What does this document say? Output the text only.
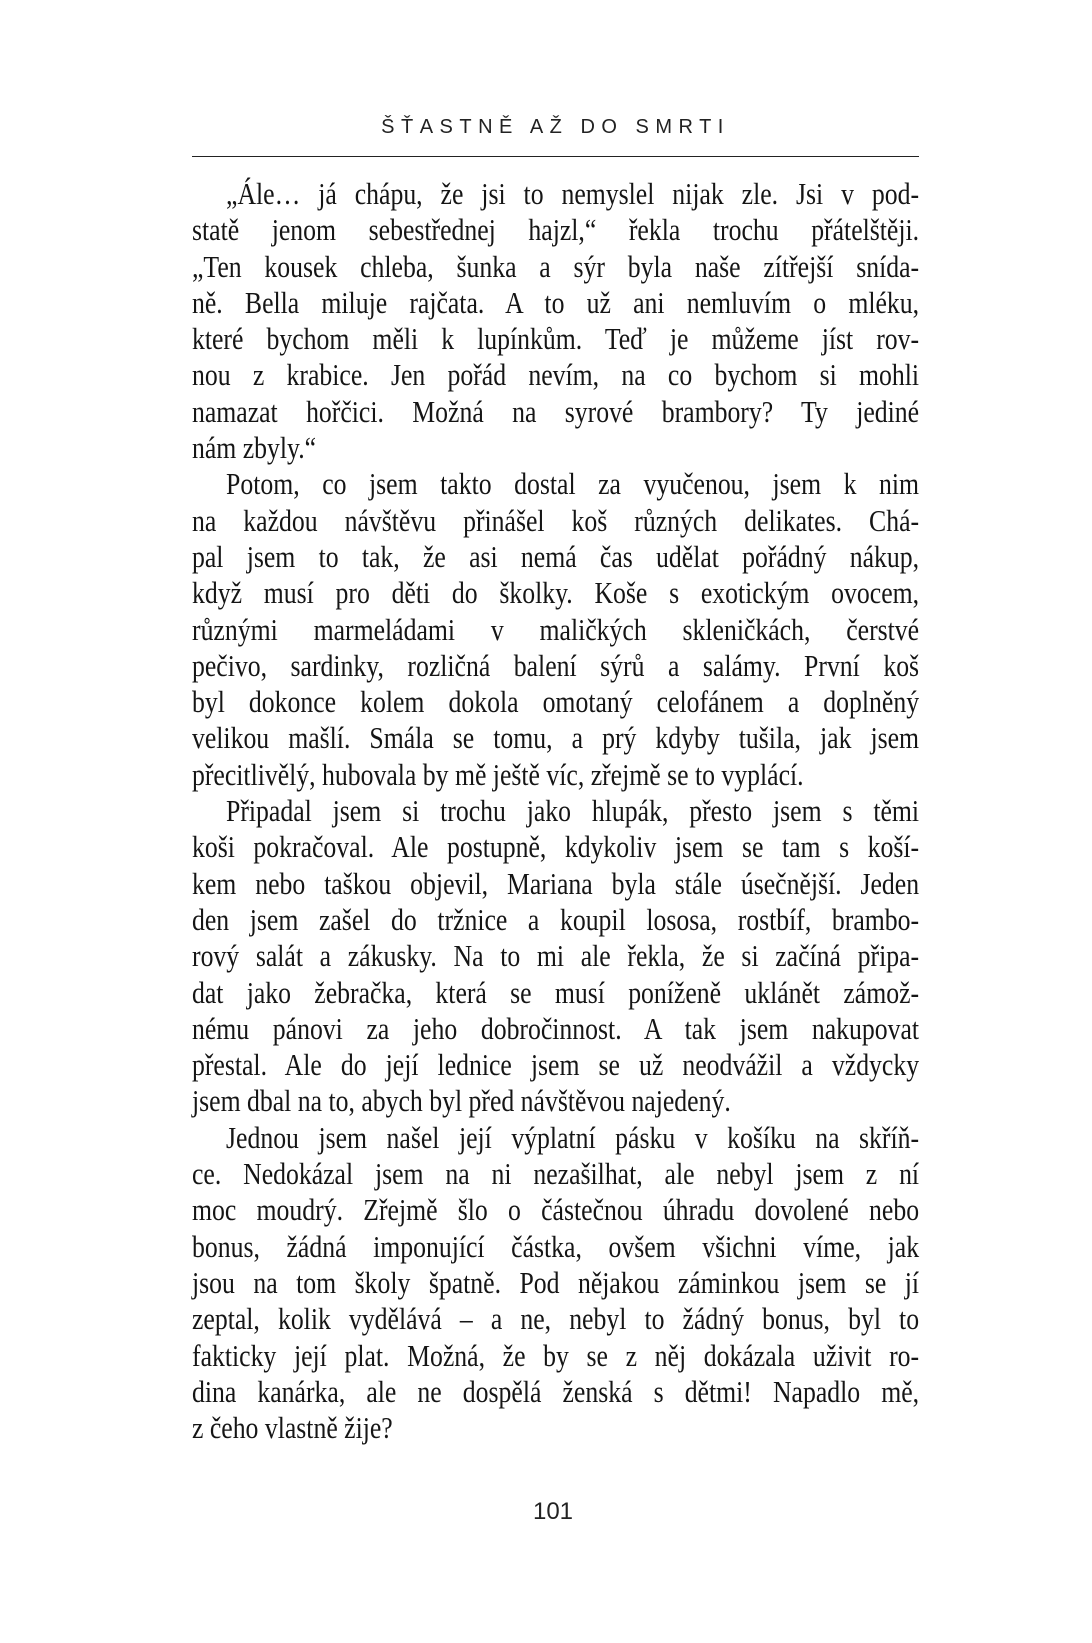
ŠŤASTNĚ AŽ DO SMRTI
„Ále… já chápu, že jsi to nemyslel nijak zle. Jsi v pod-
statě jenom sebestřednej hajzl,“ řekla trochu přátelštěji.
„Ten kousek chleba, šunka a sýr byla naše zítřejší snída-
ně. Bella miluje rajčata. A to už ani nemluvím o mléku,
které bychom měli k lupínkům. Teď je můžeme jíst rov-
nou z krabice. Jen pořád nevím, na co bychom si mohli
namazat hořčici. Možná na syrové brambory? Ty jediné
nám zbyly.“
Potom, co jsem takto dostal za vyučenou, jsem k nim
na každou návštěvu přinášel koš různých delikates. Chá-
pal jsem to tak, že asi nemá čas udělat pořádný nákup,
když musí pro děti do školky. Koše s exotickým ovocem,
různými marmeládami v maličkých skleničkách, čerstvé
pečivo, sardinky, rozličná balení sýrů a salámy. První koš
byl dokonce kolem dokola omotaný celofánem a doplněný
velikou mašlí. Smála se tomu, a prý kdyby tušila, jak jsem
přecitlivělý, hubovala by mě ještě víc, zřejmě se to vyplácí.
Připadal jsem si trochu jako hlupák, přesto jsem s těmi
koši pokračoval. Ale postupně, kdykoliv jsem se tam s koší-
kem nebo taškou objevil, Mariana byla stále úsečnější. Jeden
den jsem zašel do tržnice a koupil lososa, rostbíf, brambo-
rový salát a zákusky. Na to mi ale řekla, že si začíná připa-
dat jako žebračka, která se musí poníženě uklánět zámož-
nému pánovi za jeho dobročinnost. A tak jsem nakupovat
přestal. Ale do její lednice jsem se už neodvážil a vždycky
jsem dbal na to, abych byl před návštěvou najedený.
Jednou jsem našel její výplatní pásku v košíku na skříň-
ce. Nedokázal jsem na ni nezašilhat, ale nebyl jsem z ní
moc moudrý. Zřejmě šlo o částečnou úhradu dovolené nebo
bonus, žádná imponující částka, ovšem všichni víme, jak
jsou na tom školy špatně. Pod nějakou záminkou jsem se jí
zeptal, kolik vydělává – a ne, nebyl to žádný bonus, byl to
fakticky její plat. Možná, že by se z něj dokázala uživit ro-
dina kanárka, ale ne dospělá ženská s dětmi! Napadlo mě,
z čeho vlastně žije?
101
